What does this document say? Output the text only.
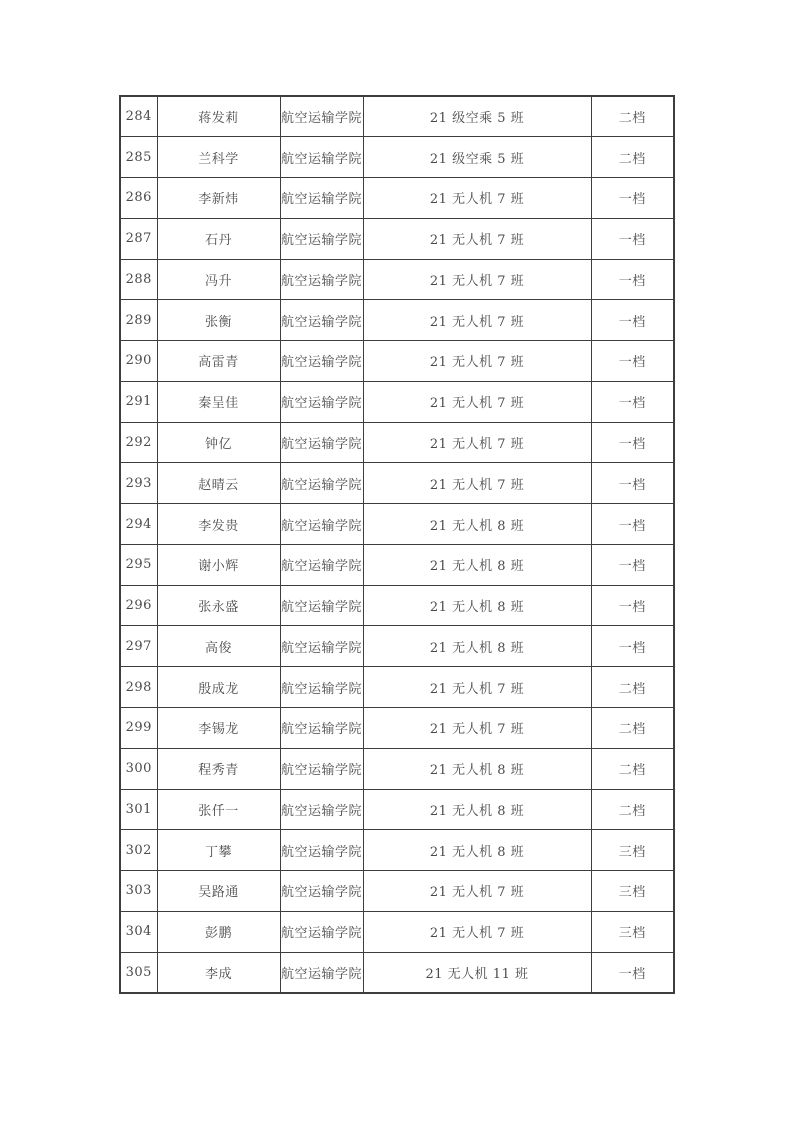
284	蒋发莉	航空运输学院	21 级空乘 5 班	二档
285	兰科学	航空运输学院	21 级空乘 5 班	二档
286	李新炜	航空运输学院	21 无人机 7 班	一档
287	石丹	航空运输学院	21 无人机 7 班	一档
288	冯升	航空运输学院	21 无人机 7 班	一档
289	张衡	航空运输学院	21 无人机 7 班	一档
290	高雷青	航空运输学院	21 无人机 7 班	一档
291	秦呈佳	航空运输学院	21 无人机 7 班	一档
292	钟亿	航空运输学院	21 无人机 7 班	一档
293	赵晴云	航空运输学院	21 无人机 7 班	一档
294	李发贵	航空运输学院	21 无人机 8 班	一档
295	谢小辉	航空运输学院	21 无人机 8 班	一档
296	张永盛	航空运输学院	21 无人机 8 班	一档
297	高俊	航空运输学院	21 无人机 8 班	一档
298	殷成龙	航空运输学院	21 无人机 7 班	二档
299	李锡龙	航空运输学院	21 无人机 7 班	二档
300	程秀青	航空运输学院	21 无人机 8 班	二档
301	张仟一	航空运输学院	21 无人机 8 班	二档
302	丁攀	航空运输学院	21 无人机 8 班	三档
303	吴路通	航空运输学院	21 无人机 7 班	三档
304	彭鹏	航空运输学院	21 无人机 7 班	三档
305	李成	航空运输学院	21 无人机 11 班	一档
